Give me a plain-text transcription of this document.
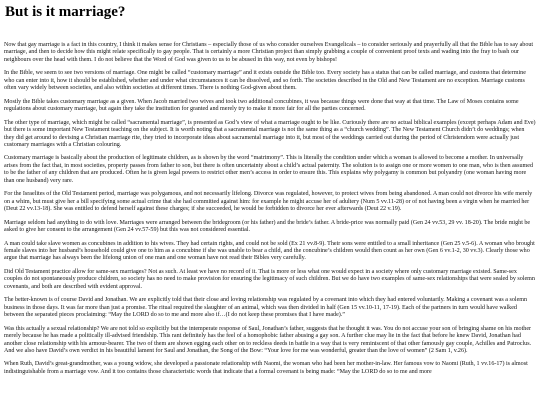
But is it marriage?

Now that gay marriage is a fact in this country, I think it makes sense for Christians – especially those of us who consider ourselves Evangelicals – to consider seriously and prayerfully all that the Bible has to say about marriage, and then to decide how this might relate specifically to gay people. That is certainly a more Christian project than simply grabbing a couple of convenient proof texts and wading into the fray to bash our neighbours over the head with them. I do not believe that the Word of God was given to us to be abused in this way, not even by bishops!

In the Bible, we seem to see two versions of marriage. One might be called “customary marriage” and it exists outside the Bible too. Every society has a status that can be called marriage, and customs that determine who can enter into it, how it should be established, whether and under what circumstances it can be dissolved, and so forth. The societies described in the Old and New Testament are no exception. Marriage customs often vary widely between societies, and also within societies at different times. There is nothing God-given about them.

Mostly the Bible takes customary marriage as a given. When Jacob married two wives and took two additional concubines, it was because things were done that way at that time. The Law of Moses contains some regulations about customary marriage, but again they take the institution for granted and merely try to make it more fair for all the parties concerned.

The other type of marriage, which might be called “sacramental marriage”, is presented as God’s view of what a marriage ought to be like. Curiously there are no actual biblical examples (except perhaps Adam and Eve) but there is some important New Testament teaching on the subject. It is worth noting that a sacramental marriage is not the same thing as a “church wedding”. The New Testament Church didn’t do weddings; when they did get around to devising a Christian marriage rite, they tried to incorporate ideas about sacramental marriage into it, but most of the weddings carried out during the period of Christendom were actually just customary marriages with a Christian colouring.

Customary marriage is basically about the production of legitimate children, as is shown by the word “matrimony”. This is literally the condition under which a woman is allowed to become a mother. In universally arises from the fact that, in most societies, property passes from father to son, but there is often uncertainty about a child’s actual paternity. The solution is to assign one or more women to one man, who is then assumed to be the father of any children that are produced. Often he is given legal powers to restrict other men’s access in order to ensure this. This explains why polygamy is common but polyandry (one woman having more than one husband) very rare.

For the Israelites of the Old Testament period, marriage was polygamous, and not necessarily lifelong. Divorce was regulated, however, to protect wives from being abandoned. A man could not divorce his wife merely on a whim, but must give her a bill specifying some actual crime that she had committed against him: for example he might accuse her of adultery (Num 5 vv.11-28) or of not having been a virgin when he married her (Deut 22 vv.13-18). She was entitled to defend herself against these charges; if she succeeded, he would be forbidden to divorce her ever afterwards (Deut 22 v.19).

Marriage seldom had anything to do with love. Marriages were arranged between the bridegroom (or his father) and the bride’s father. A bride-price was normally paid (Gen 24 vv.53, 29 vv. 18-20). The bride might be asked to give her consent to the arrangement (Gen 24 vv.57-59) but this was not considered essential.

A man could take slave women as concubines in addition to his wives. They had certain rights, and could not be sold (Ex 21 vv.8-9). Their sons were entitled to a small inheritance (Gen 25 v.5-6). A woman who brought female slaves into her husband’s household could give one to him as a concubine if she was unable to bear a child, and the concubine’s children would then count as her own (Gen 6 vv.1-2, 30 vv.3). Clearly those who argue that marriage has always been the lifelong union of one man and one woman have not read their Bibles very carefully.

Did Old Testament practice allow for same-sex marriages? Not as such. At least we have no record of it. That is more or less what one would expect in a society where only customary marriage existed. Same-sex couples do not spontaneously produce children, so society has no need to make provision for ensuring the legitimacy of such children. But we do have two examples of same-sex relationships that were sealed by solemn covenants, and both are described with evident approval.

The better-known is of course David and Jonathan. We are explicitly told that their close and loving relationship was regulated by a covenant into which they had entered voluntarily. Making a covenant was a solemn business in those days. It was far more than just a promise. The ritual required the slaughter of an animal, which was then divided in half (Gen 15 vv.10-11, 17-19). Each of the partners in turn would have walked between the separated pieces proclaiming: “May the LORD do so to me and more also if…(I do not keep these promises that I have made).”

Was this actually a sexual relationship? We are not told so explicitly but the intemperate response of Saul, Jonathan’s father, suggests that he thought it was. You do not accuse your son of bringing shame on his mother merely because he has made a politically ill-advised friendship. This rant definitely has the feel of a homophobic father abusing a gay son. A further clue may lie in the fact that before he knew David, Jonathan had another close relationship with his armour-bearer. The two of them are shown egging each other on to reckless deeds in battle in a way that is very reminiscent of that other famously gay couple, Achilles and Patroclus. And we also have David’s own verdict in his beautiful lament for Saul and Jonathan, the Song of the Bow: “Your love for me was wonderful, greater than the love of women” (2 Sam 1, v.26).

When Ruth, David’s great-grandmother, was a young widow, she developed a passionate relationship with Naomi, the woman who had been her mother-in-law. Her famous vow to Naomi (Ruth, 1 vv.16-17) is almost indistinguishable from a marriage vow. And it too contains those characteristic words that indicate that a formal covenant is being made: “May the LORD do so to me and more
